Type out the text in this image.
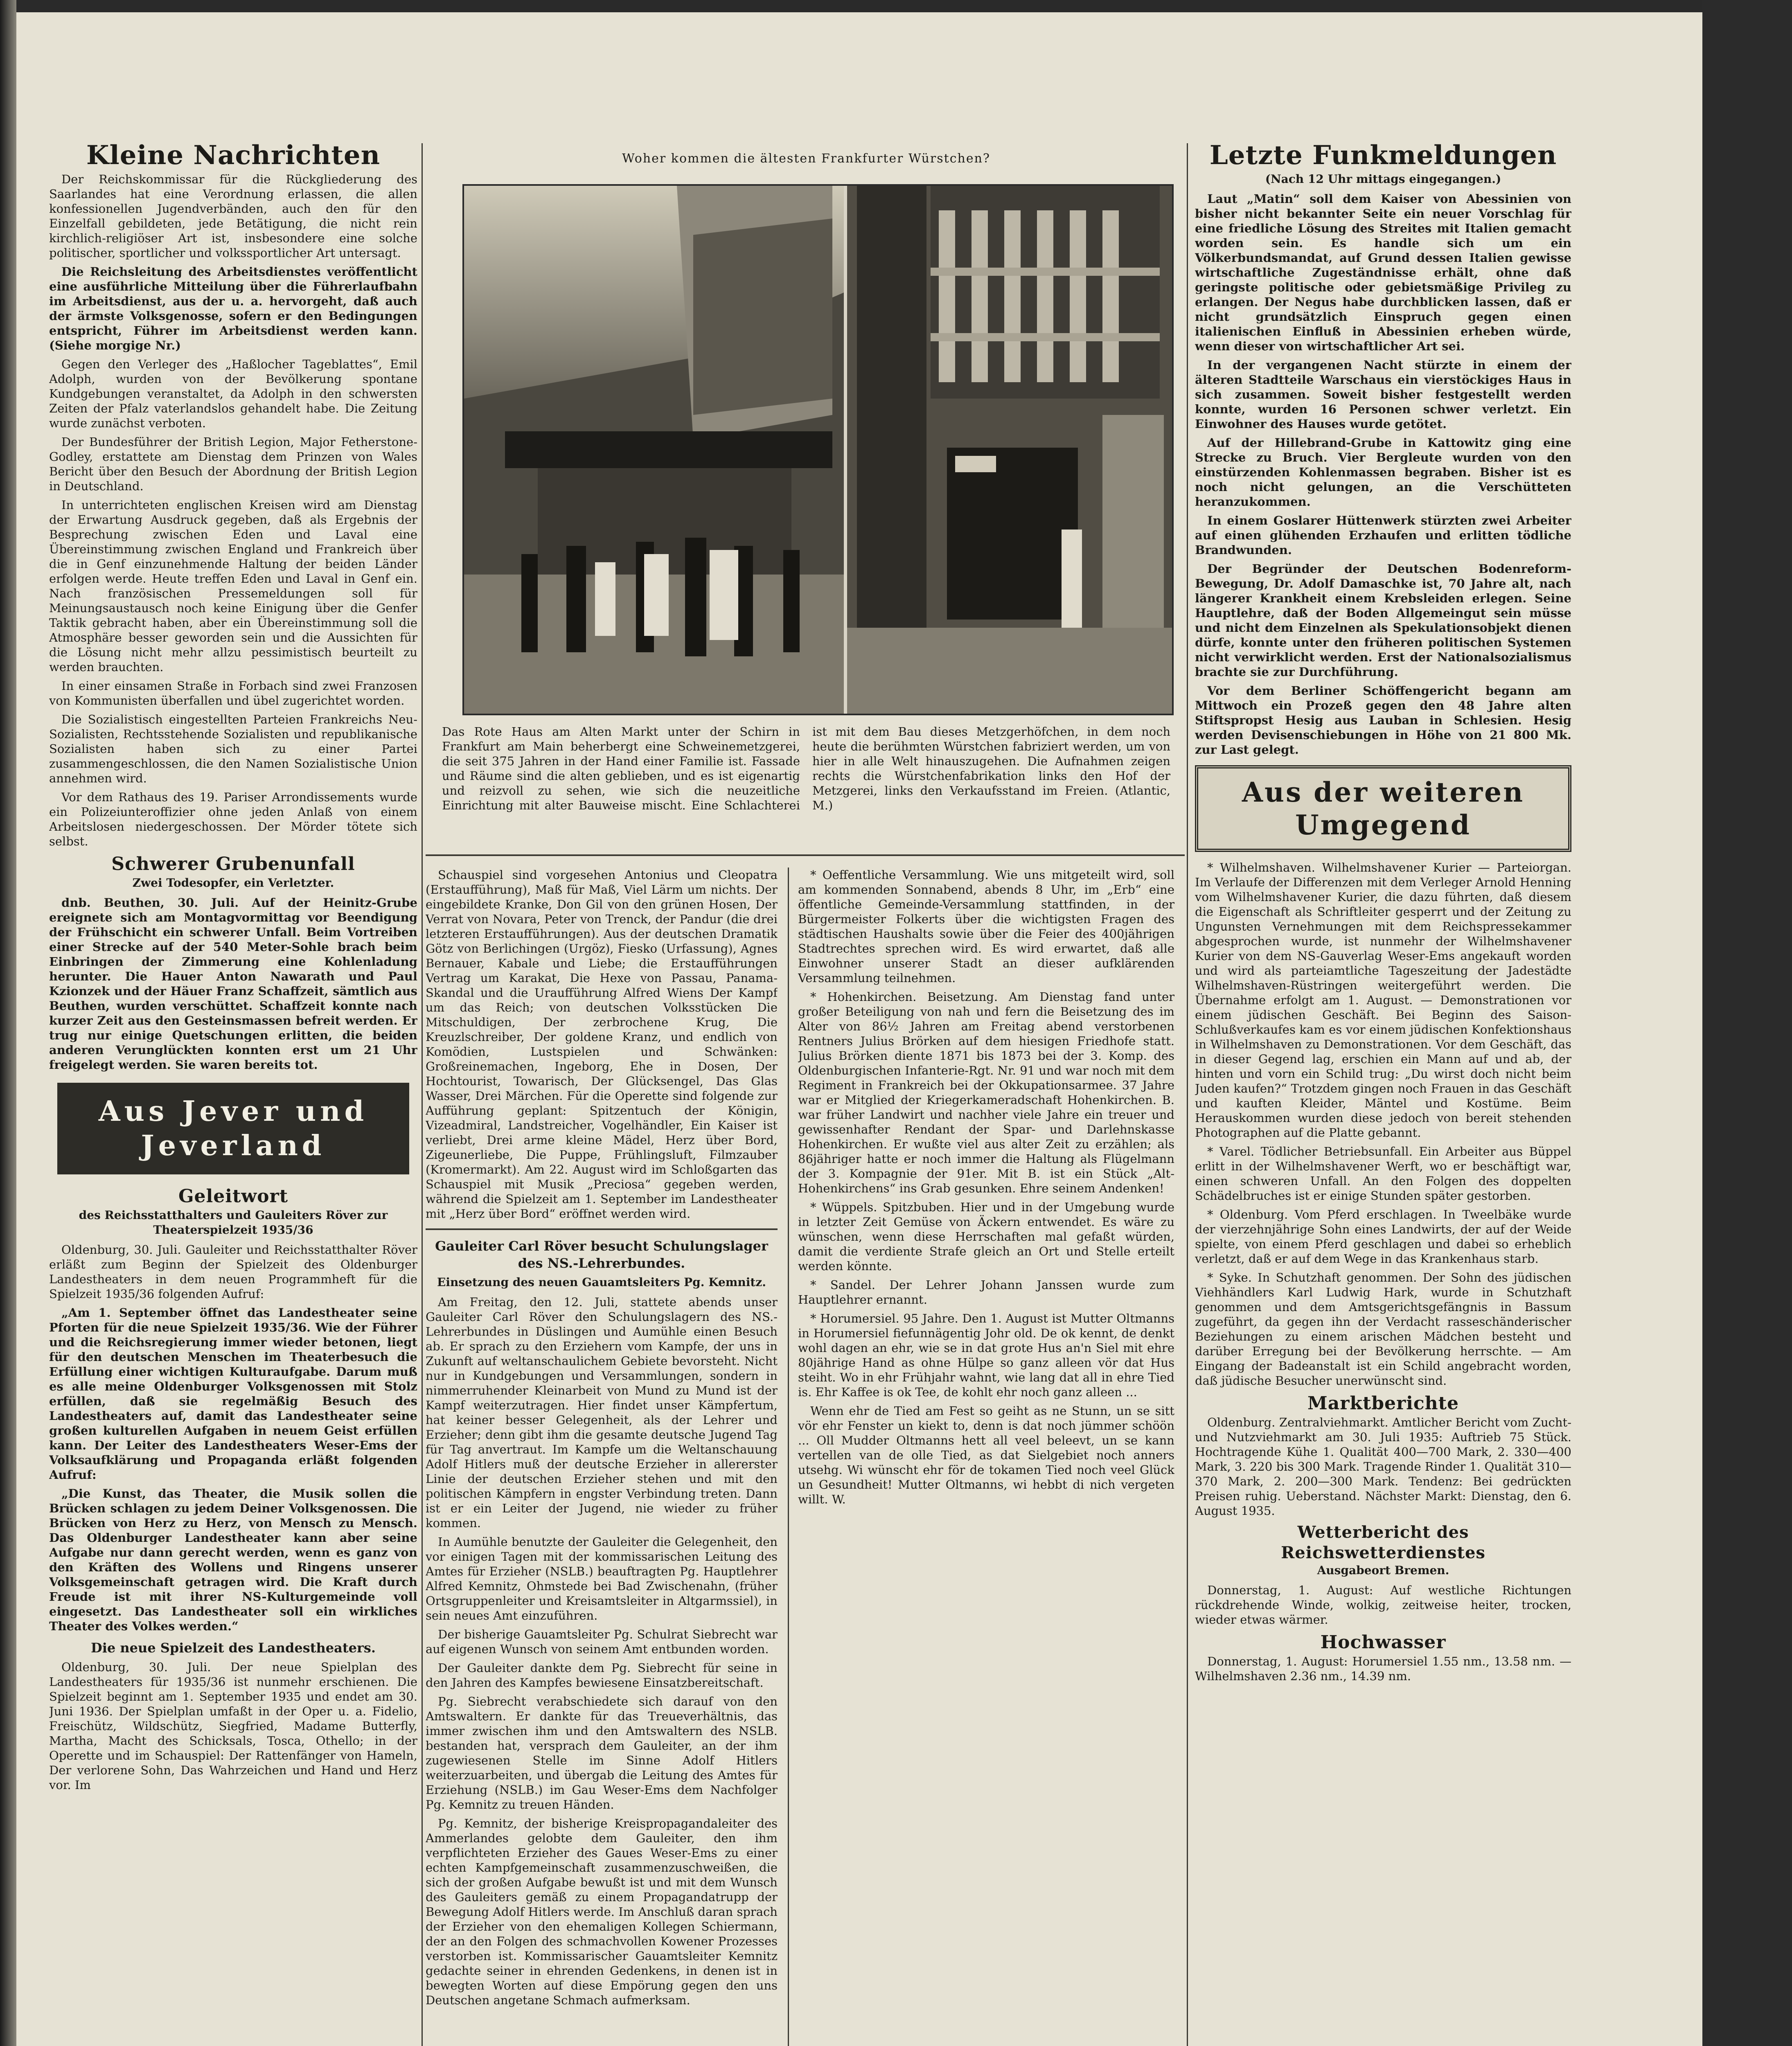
Kleine Nachrichten

Der Reichskommissar für die Rückgliederung des Saarlandes hat eine Verordnung erlassen, die allen konfessionellen Jugendverbänden, auch den für den Einzelfall gebildeten, jede Betätigung, die nicht rein kirchlich-religiöser Art ist, insbesondere eine solche politischer, sportlicher und volkssportlicher Art untersagt.

Die Reichsleitung des Arbeitsdienstes veröffentlicht eine ausführliche Mitteilung über die Führerlaufbahn im Arbeitsdienst, aus der u. a. hervorgeht, daß auch der ärmste Volksgenosse, sofern er den Bedingungen entspricht, Führer im Arbeitsdienst werden kann. (Siehe morgige Nr.)

Gegen den Verleger des „Haßlocher Tageblattes“, Emil Adolph, wurden von der Bevölkerung spontane Kundgebungen veranstaltet, da Adolph in den schwersten Zeiten der Pfalz vaterlandslos gehandelt habe. Die Zeitung wurde zunächst verboten.

Der Bundesführer der British Legion, Major Fetherstone-Godley, erstattete am Dienstag dem Prinzen von Wales Bericht über den Besuch der Abordnung der British Legion in Deutschland.

In unterrichteten englischen Kreisen wird am Dienstag der Erwartung Ausdruck gegeben, daß als Ergebnis der Besprechung zwischen Eden und Laval eine Übereinstimmung zwischen England und Frankreich über die in Genf einzunehmende Haltung der beiden Länder erfolgen werde. Heute treffen Eden und Laval in Genf ein. Nach französischen Pressemeldungen soll für Meinungsaustausch noch keine Einigung über die Genfer Taktik gebracht haben, aber ein Übereinstimmung soll die Atmosphäre besser geworden sein und die Aussichten für die Lösung nicht mehr allzu pessimistisch beurteilt zu werden brauchten.

In einer einsamen Straße in Forbach sind zwei Franzosen von Kommunisten überfallen und übel zugerichtet worden.

Die Sozialistisch eingestellten Parteien Frankreichs Neu-Sozialisten, Rechtsstehende Sozialisten und republikanische Sozialisten haben sich zu einer Partei zusammengeschlossen, die den Namen Sozialistische Union annehmen wird.

Vor dem Rathaus des 19. Pariser Arrondissements wurde ein Polizeiunteroffizier ohne jeden Anlaß von einem Arbeitslosen niedergeschossen. Der Mörder tötete sich selbst.

Schwerer Grubenunfall
Zwei Todesopfer, ein Verletzter.

dnb. Beuthen, 30. Juli. Auf der Heinitz-Grube ereignete sich am Montagvormittag vor Beendigung der Frühschicht ein schwerer Unfall. Beim Vortreiben einer Strecke auf der 540 Meter-Sohle brach beim Einbringen der Zimmerung eine Kohlenladung herunter. Die Hauer Anton Nawarath und Paul Kzionzek und der Häuer Franz Schaffzeit, sämtlich aus Beuthen, wurden verschüttet. Schaffzeit konnte nach kurzer Zeit aus den Gesteinsmassen befreit werden. Er trug nur einige Quetschungen erlitten, die beiden anderen Verunglückten konnten erst um 21 Uhr freigelegt werden. Sie waren bereits tot.

Aus Jever und Jeverland
Geleitwort
des Reichsstatthalters und Gauleiters Röver zur Theaterspielzeit 1935/36

Oldenburg, 30. Juli. Gauleiter und Reichsstatthalter Röver erläßt zum Beginn der Spielzeit des Oldenburger Landestheaters in dem neuen Programmheft für die Spielzeit 1935/36 folgenden Aufruf:

„Am 1. September öffnet das Landestheater seine Pforten für die neue Spielzeit 1935/36. Wie der Führer und die Reichsregierung immer wieder betonen, liegt für den deutschen Menschen im Theaterbesuch die Erfüllung einer wichtigen Kulturaufgabe. Darum muß es alle meine Oldenburger Volksgenossen mit Stolz erfüllen, daß sie regelmäßig Besuch des Landestheaters auf, damit das Landestheater seine großen kulturellen Aufgaben in neuem Geist erfüllen kann. Der Leiter des Landestheaters Weser-Ems der Volksaufklärung und Propaganda erläßt folgenden Aufruf:

„Die Kunst, das Theater, die Musik sollen die Brücken schlagen zu jedem Deiner Volksgenossen. Die Brücken von Herz zu Herz, von Mensch zu Mensch. Das Oldenburger Landestheater kann aber seine Aufgabe nur dann gerecht werden, wenn es ganz von den Kräften des Wollens und Ringens unserer Volksgemeinschaft getragen wird. Die Kraft durch Freude ist mit ihrer NS-Kulturgemeinde voll eingesetzt. Das Landestheater soll ein wirkliches Theater des Volkes werden.“

Die neue Spielzeit des Landestheaters.

Oldenburg, 30. Juli. Der neue Spielplan des Landestheaters für 1935/36 ist nunmehr erschienen. Die Spielzeit beginnt am 1. September 1935 und endet am 30. Juni 1936. Der Spielplan umfaßt in der Oper u. a. Fidelio, Freischütz, Wildschütz, Siegfried, Madame Butterfly, Martha, Macht des Schicksals, Tosca, Othello; in der Operette und im Schauspiel: Der Rattenfänger von Hameln, Der verlorene Sohn, Das Wahrzeichen und Hand und Herz vor. Im

Woher kommen die ältesten Frankfurter Würstchen?

Das Rote Haus am Alten Markt unter der Schirn in Frankfurt am Main beherbergt eine Schweinemetzgerei, die seit 375 Jahren in der Hand einer Familie ist. Fassade und Räume sind die alten geblieben, und es ist eigenartig und reizvoll zu sehen, wie sich die neuzeitliche Einrichtung mit alter Bauweise mischt. Eine Schlachterei ist mit dem Bau dieses Metzgerhöfchen, in dem noch heute die berühmten Würstchen fabriziert werden, um von hier in alle Welt hinauszugehen. Die Aufnahmen zeigen rechts die Würstchenfabrikation links den Hof der Metzgerei, links den Verkaufsstand im Freien. (Atlantic, M.)

Schauspiel sind vorgesehen Antonius und Cleopatra (Erstaufführung), Maß für Maß, Viel Lärm um nichts. Der eingebildete Kranke, Don Gil von den grünen Hosen, Der Verrat von Novara, Peter von Trenck, der Pandur (die drei letzteren Erstaufführungen). Aus der deutschen Dramatik Götz von Berlichingen (Urgöz), Fiesko (Urfassung), Agnes Bernauer, Kabale und Liebe; die Erstaufführungen Vertrag um Karakat, Die Hexe von Passau, Panama-Skandal und die Uraufführung Alfred Wiens Der Kampf um das Reich; von deutschen Volksstücken Die Mitschuldigen, Der zerbrochene Krug, Die Kreuzlschreiber, Der goldene Kranz, und endlich von Komödien, Lustspielen und Schwänken: Großreinemachen, Ingeborg, Ehe in Dosen, Der Hochtourist, Towarisch, Der Glücksengel, Das Glas Wasser, Drei Märchen. Für die Operette sind folgende zur Aufführung geplant: Spitzentuch der Königin, Vizeadmiral, Landstreicher, Vogelhändler, Ein Kaiser ist verliebt, Drei arme kleine Mädel, Herz über Bord, Zigeunerliebe, Die Puppe, Frühlingsluft, Filmzauber (Kromermarkt). Am 22. August wird im Schloßgarten das Schauspiel mit Musik „Preciosa“ gegeben werden, während die Spielzeit am 1. September im Landestheater mit „Herz über Bord“ eröffnet werden wird.

Gauleiter Carl Röver besucht Schulungslager des NS.-Lehrerbundes.
Einsetzung des neuen Gauamtsleiters Pg. Kemnitz.

Am Freitag, den 12. Juli, stattete abends unser Gauleiter Carl Röver den Schulungslagern des NS.-Lehrerbundes in Düslingen und Aumühle einen Besuch ab. Er sprach zu den Erziehern vom Kampfe, der uns in Zukunft auf weltanschaulichem Gebiete bevorsteht. Nicht nur in Kundgebungen und Versammlungen, sondern in nimmerruhender Kleinarbeit von Mund zu Mund ist der Kampf weiterzutragen. Hier findet unser Kämpfertum, hat keiner besser Gelegenheit, als der Lehrer und Erzieher; denn gibt ihm die gesamte deutsche Jugend Tag für Tag anvertraut. Im Kampfe um die Weltanschauung Adolf Hitlers muß der deutsche Erzieher in allererster Linie der deutschen Erzieher stehen und mit den politischen Kämpfern in engster Verbindung treten. Dann ist er ein Leiter der Jugend, nie wieder zu früher kommen.

In Aumühle benutzte der Gauleiter die Gelegenheit, den vor einigen Tagen mit der kommissarischen Leitung des Amtes für Erzieher (NSLB.) beauftragten Pg. Hauptlehrer Alfred Kemnitz, Ohmstede bei Bad Zwischenahn, (früher Ortsgruppenleiter und Kreisamtsleiter in Altgarmssiel), in sein neues Amt einzuführen.

Der bisherige Gauamtsleiter Pg. Schulrat Siebrecht war auf eigenen Wunsch von seinem Amt entbunden worden.

Der Gauleiter dankte dem Pg. Siebrecht für seine in den Jahren des Kampfes bewiesene Einsatzbereitschaft.

Pg. Siebrecht verabschiedete sich darauf von den Amtswaltern. Er dankte für das Treueverhältnis, das immer zwischen ihm und den Amtswaltern des NSLB. bestanden hat, versprach dem Gauleiter, an der ihm zugewiesenen Stelle im Sinne Adolf Hitlers weiterzuarbeiten, und übergab die Leitung des Amtes für Erziehung (NSLB.) im Gau Weser-Ems dem Nachfolger Pg. Kemnitz zu treuen Händen.

Pg. Kemnitz, der bisherige Kreispropagandaleiter des Ammerlandes gelobte dem Gauleiter, den ihm verpflichteten Erzieher des Gaues Weser-Ems zu einer echten Kampfgemeinschaft zusammenzuschweißen, die sich der großen Aufgabe bewußt ist und mit dem Wunsch des Gauleiters gemäß zu einem Propagandatrupp der Bewegung Adolf Hitlers werde. Im Anschluß daran sprach der Erzieher von den ehemaligen Kollegen Schiermann, der an den Folgen des schmachvollen Kowener Prozesses verstorben ist. Kommissarischer Gauamtsleiter Kemnitz gedachte seiner in ehrenden Gedenkens, in denen ist in bewegten Worten auf diese Empörung gegen den uns Deutschen angetane Schmach aufmerksam.

* Oeffentliche Versammlung. Wie uns mitgeteilt wird, soll am kommenden Sonnabend, abends 8 Uhr, im „Erb“ eine öffentliche Gemeinde-Versammlung stattfinden, in der Bürgermeister Folkerts über die wichtigsten Fragen des städtischen Haushalts sowie über die Feier des 400jährigen Stadtrechtes sprechen wird. Es wird erwartet, daß alle Einwohner unserer Stadt an dieser aufklärenden Versammlung teilnehmen.

* Hohenkirchen. Beisetzung. Am Dienstag fand unter großer Beteiligung von nah und fern die Beisetzung des im Alter von 86½ Jahren am Freitag abend verstorbenen Rentners Julius Brörken auf dem hiesigen Friedhofe statt. Julius Brörken diente 1871 bis 1873 bei der 3. Komp. des Oldenburgischen Infanterie-Rgt. Nr. 91 und war noch mit dem Regiment in Frankreich bei der Okkupationsarmee. 37 Jahre war er Mitglied der Kriegerkameradschaft Hohenkirchen. B. war früher Landwirt und nachher viele Jahre ein treuer und gewissenhafter Rendant der Spar- und Darlehnskasse Hohenkirchen. Er wußte viel aus alter Zeit zu erzählen; als 86jähriger hatte er noch immer die Haltung als Flügelmann der 3. Kompagnie der 91er. Mit B. ist ein Stück „Alt-Hohenkirchens“ ins Grab gesunken. Ehre seinem Andenken!

* Wüppels. Spitzbuben. Hier und in der Umgebung wurde in letzter Zeit Gemüse von Äckern entwendet. Es wäre zu wünschen, wenn diese Herrschaften mal gefaßt würden, damit die verdiente Strafe gleich an Ort und Stelle erteilt werden könnte.

* Sandel. Der Lehrer Johann Janssen wurde zum Hauptlehrer ernannt.

* Horumersiel. 95 Jahre. Den 1. August ist Mutter Oltmanns in Horumersiel fiefunnägentig Johr old. De ok kennt, de denkt wohl dagen an ehr, wie se in dat grote Hus an'n Siel mit ehre 80jährige Hand as ohne Hülpe so ganz alleen vör dat Hus steiht. Wo in ehr Frühjahr wahnt, wie lang dat all in ehre Tied is. Ehr Kaffee is ok Tee, de kohlt ehr noch ganz alleen ...

Wenn ehr de Tied am Fest so geiht as ne Stunn, un se sitt vör ehr Fenster un kiekt to, denn is dat noch jümmer schöön ... Oll Mudder Oltmanns hett all veel beleevt, un se kann vertellen van de olle Tied, as dat Sielgebiet noch anners utsehg. Wi wünscht ehr för de tokamen Tied noch veel Glück un Gesundheit! Mutter Oltmanns, wi hebbt di nich vergeten willt. W.

Letzte Funkmeldungen
(Nach 12 Uhr mittags eingegangen.)

Laut „Matin“ soll dem Kaiser von Abessinien von bisher nicht bekannter Seite ein neuer Vorschlag für eine friedliche Lösung des Streites mit Italien gemacht worden sein. Es handle sich um ein Völkerbundsmandat, auf Grund dessen Italien gewisse wirtschaftliche Zugeständnisse erhält, ohne daß geringste politische oder gebietsmäßige Privileg zu erlangen. Der Negus habe durchblicken lassen, daß er nicht grundsätzlich Einspruch gegen einen italienischen Einfluß in Abessinien erheben würde, wenn dieser von wirtschaftlicher Art sei.

In der vergangenen Nacht stürzte in einem der älteren Stadtteile Warschaus ein vierstöckiges Haus in sich zusammen. Soweit bisher festgestellt werden konnte, wurden 16 Personen schwer verletzt. Ein Einwohner des Hauses wurde getötet.

Auf der Hillebrand-Grube in Kattowitz ging eine Strecke zu Bruch. Vier Bergleute wurden von den einstürzenden Kohlenmassen begraben. Bisher ist es noch nicht gelungen, an die Verschütteten heranzukommen.

In einem Goslarer Hüttenwerk stürzten zwei Arbeiter auf einen glühenden Erzhaufen und erlitten tödliche Brandwunden.

Der Begründer der Deutschen Bodenreform-Bewegung, Dr. Adolf Damaschke ist, 70 Jahre alt, nach längerer Krankheit einem Krebsleiden erlegen. Seine Hauptlehre, daß der Boden Allgemeingut sein müsse und nicht dem Einzelnen als Spekulationsobjekt dienen dürfe, konnte unter den früheren politischen Systemen nicht verwirklicht werden. Erst der Nationalsozialismus brachte sie zur Durchführung.

Vor dem Berliner Schöffengericht begann am Mittwoch ein Prozeß gegen den 48 Jahre alten Stiftspropst Hesig aus Lauban in Schlesien. Hesig werden Devisenschiebungen in Höhe von 21 800 Mk. zur Last gelegt.

Aus der weiteren Umgegend

* Wilhelmshaven. Wilhelmshavener Kurier — Parteiorgan. Im Verlaufe der Differenzen mit dem Verleger Arnold Henning vom Wilhelmshavener Kurier, die dazu führten, daß diesem die Eigenschaft als Schriftleiter gesperrt und der Zeitung zu Ungunsten Vernehmungen mit dem Reichspressekammer abgesprochen wurde, ist nunmehr der Wilhelmshavener Kurier von dem NS-Gauverlag Weser-Ems angekauft worden und wird als parteiamtliche Tageszeitung der Jadestädte Wilhelmshaven-Rüstringen weitergeführt werden. Die Übernahme erfolgt am 1. August. — Demonstrationen vor einem jüdischen Geschäft. Bei Beginn des Saison-Schlußverkaufes kam es vor einem jüdischen Konfektionshaus in Wilhelmshaven zu Demonstrationen. Vor dem Geschäft, das in dieser Gegend lag, erschien ein Mann auf und ab, der hinten und vorn ein Schild trug: „Du wirst doch nicht beim Juden kaufen?“ Trotzdem gingen noch Frauen in das Geschäft und kauften Kleider, Mäntel und Kostüme. Beim Herauskommen wurden diese jedoch von bereit stehenden Photographen auf die Platte gebannt.

* Varel. Tödlicher Betriebsunfall. Ein Arbeiter aus Büppel erlitt in der Wilhelmshavener Werft, wo er beschäftigt war, einen schweren Unfall. An den Folgen des doppelten Schädelbruches ist er einige Stunden später gestorben.

* Oldenburg. Vom Pferd erschlagen. In Tweelbäke wurde der vierzehnjährige Sohn eines Landwirts, der auf der Weide spielte, von einem Pferd geschlagen und dabei so erheblich verletzt, daß er auf dem Wege in das Krankenhaus starb.

* Syke. In Schutzhaft genommen. Der Sohn des jüdischen Viehhändlers Karl Ludwig Hark, wurde in Schutzhaft genommen und dem Amtsgerichtsgefängnis in Bassum zugeführt, da gegen ihn der Verdacht rasseschänderischer Beziehungen zu einem arischen Mädchen besteht und darüber Erregung bei der Bevölkerung herrschte. — Am Eingang der Badeanstalt ist ein Schild angebracht worden, daß jüdische Besucher unerwünscht sind.

Marktberichte

Oldenburg. Zentralviehmarkt. Amtlicher Bericht vom Zucht- und Nutzviehmarkt am 30. Juli 1935: Auftrieb 75 Stück. Hochtragende Kühe 1. Qualität 400—700 Mark, 2. 330—400 Mark, 3. 220 bis 300 Mark. Tragende Rinder 1. Qualität 310—370 Mark, 2. 200—300 Mark. Tendenz: Bei gedrückten Preisen ruhig. Ueberstand. Nächster Markt: Dienstag, den 6. August 1935.

Wetterbericht des Reichswetterdienstes
Ausgabeort Bremen.

Donnerstag, 1. August: Auf westliche Richtungen rückdrehende Winde, wolkig, zeitweise heiter, trocken, wieder etwas wärmer.

Hochwasser

Donnerstag, 1. August: Horumersiel 1.55 nm., 13.58 nm. — Wilhelmshaven 2.36 nm., 14.39 nm.
